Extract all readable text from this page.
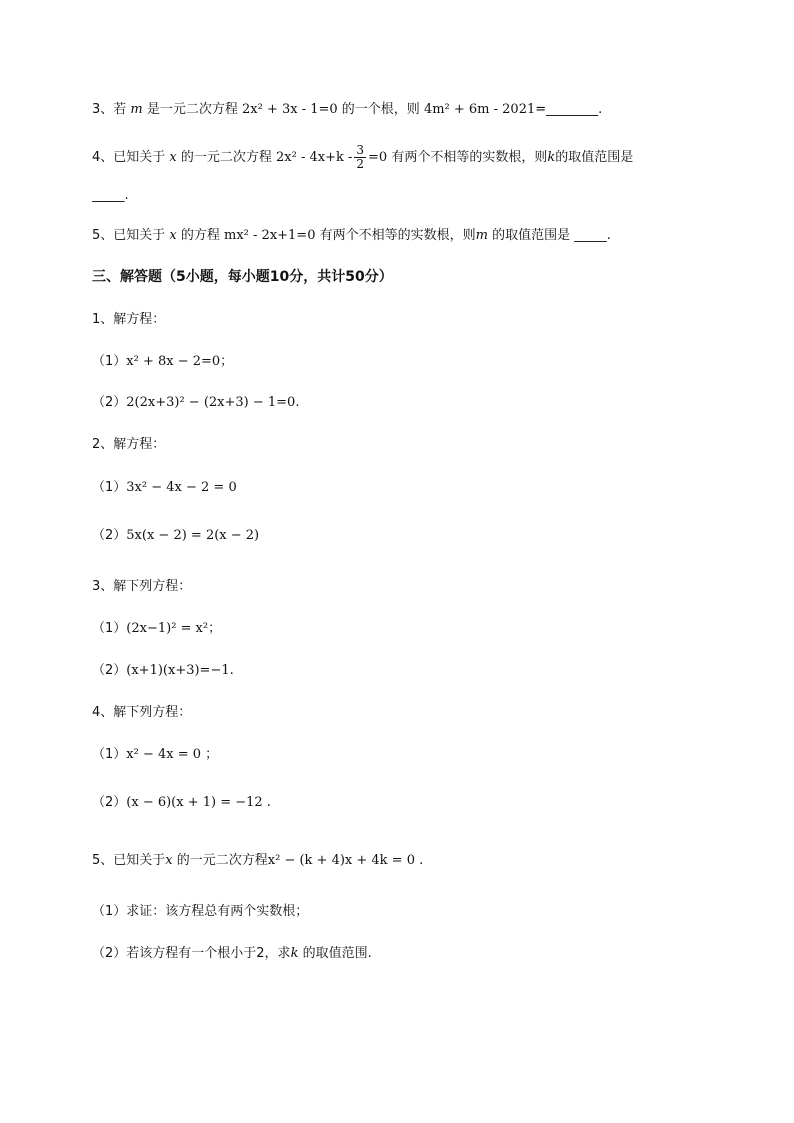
3、若 m 是一元二次方程 2x² + 3x - 1=0 的一个根，则 4m² + 6m - 2021=________.
4、已知关于 x 的一元二次方程 $2x^2 - 4x+k - \frac{3}{2} =0$ 有两个不相等的实数根，则k的取值范围是
_____.
5、已知关于 x 的方程 mx² - 2x+1=0 有两个不相等的实数根，则m 的取值范围是 _____.
三、解答题（5小题，每小题10分，共计50分）
1、解方程：
（1）x² + 8x − 2=0；
（2）2(2x+3)² − (2x+3) − 1=0.
2、解方程：
（1）3x² − 4x − 2 = 0
（2）5x(x − 2) = 2(x − 2)
3、解下列方程：
（1）(2x−1)² = x²；
（2）(x+1)(x+3)=−1.
4、解下列方程：
（1）x² − 4x = 0 ；
（2）(x − 6)(x + 1) = −12 .
5、已知关于x 的一元二次方程x² − (k + 4)x + 4k = 0 .
（1）求证：该方程总有两个实数根；
（2）若该方程有一个根小于2，求k 的取值范围.
